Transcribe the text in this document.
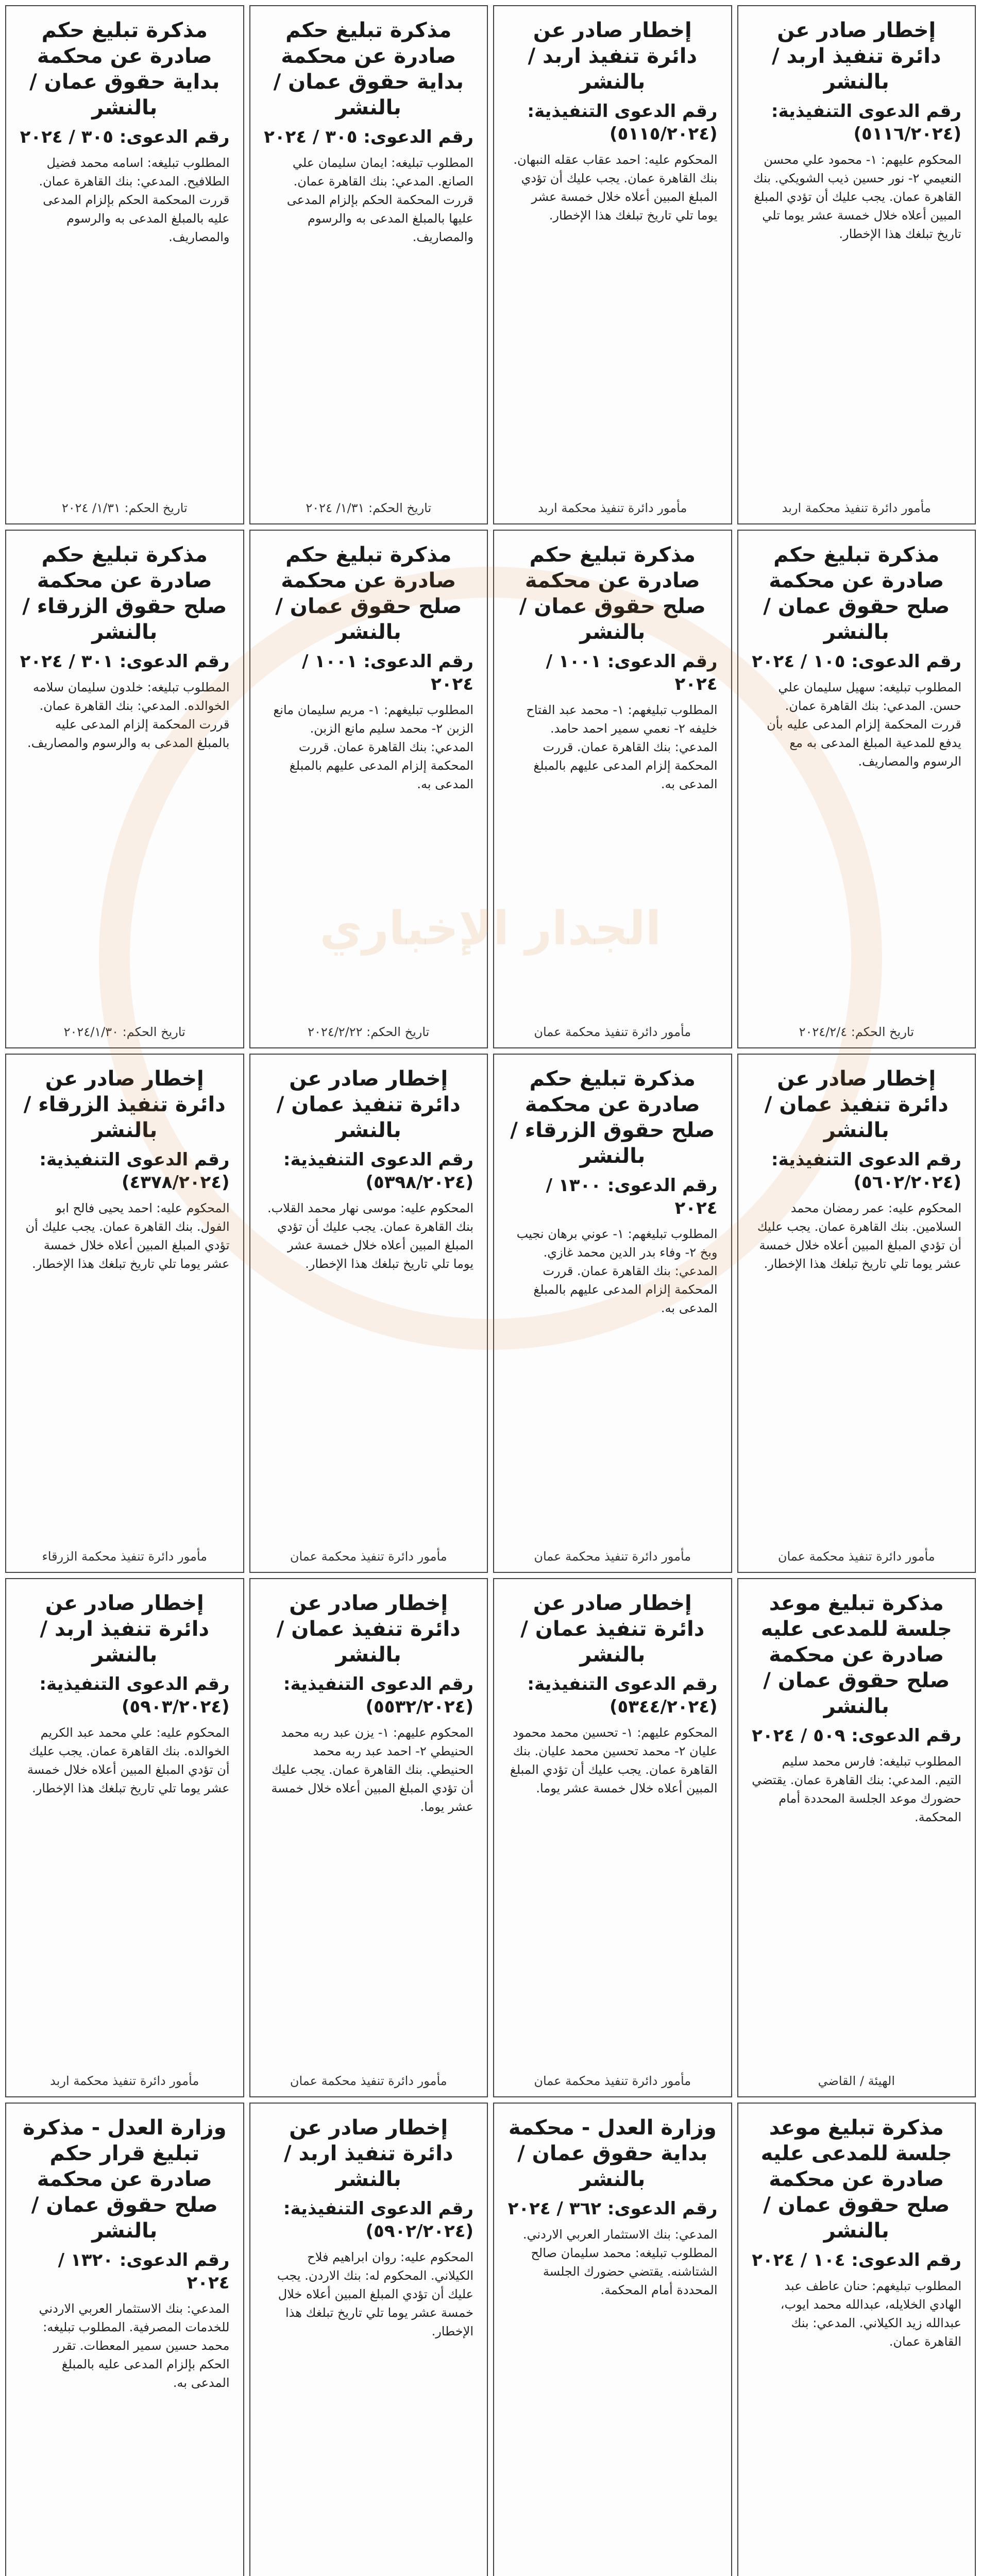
إخطار صادر عن دائرة تنفيذ اربد / بالنشر
رقم الدعوى التنفيذية: (٥١١٦/٢٠٢٤)
المحكوم عليهم: ١- محمود علي محسن النعيمي ٢- نور حسين ذيب الشويكي. بنك القاهرة عمان. يجب عليك أن تؤدي المبلغ المبين أعلاه خلال خمسة عشر يوما تلي تاريخ تبلغك هذا الإخطار.
مأمور دائرة تنفيذ محكمة اربد
إخطار صادر عن دائرة تنفيذ اربد / بالنشر
رقم الدعوى التنفيذية: (٥١١٥/٢٠٢٤)
المحكوم عليه: احمد عقاب عقله النبهان. بنك القاهرة عمان. يجب عليك أن تؤدي المبلغ المبين أعلاه خلال خمسة عشر يوما تلي تاريخ تبلغك هذا الإخطار.
مأمور دائرة تنفيذ محكمة اربد
مذكرة تبليغ حكم صادرة عن محكمة بداية حقوق عمان / بالنشر
رقم الدعوى: ٣٠٥ / ٢٠٢٤
المطلوب تبليغه: ايمان سليمان علي الصانع. المدعي: بنك القاهرة عمان. قررت المحكمة الحكم بإلزام المدعى عليها بالمبلغ المدعى به والرسوم والمصاريف.
تاريخ الحكم: ١/٣١/ ٢٠٢٤
مذكرة تبليغ حكم صادرة عن محكمة بداية حقوق عمان / بالنشر
رقم الدعوى: ٣٠٥ / ٢٠٢٤
المطلوب تبليغه: اسامه محمد فضيل الطلافيح. المدعي: بنك القاهرة عمان. قررت المحكمة الحكم بإلزام المدعى عليه بالمبلغ المدعى به والرسوم والمصاريف.
تاريخ الحكم: ١/٣١/ ٢٠٢٤
مذكرة تبليغ حكم صادرة عن محكمة صلح حقوق عمان / بالنشر
رقم الدعوى: ١٠٥ / ٢٠٢٤
المطلوب تبليغه: سهيل سليمان علي حسن. المدعي: بنك القاهرة عمان. قررت المحكمة إلزام المدعى عليه بأن يدفع للمدعية المبلغ المدعى به مع الرسوم والمصاريف.
تاريخ الحكم: ٢٠٢٤/٢/٤
مذكرة تبليغ حكم صادرة عن محكمة صلح حقوق عمان / بالنشر
رقم الدعوى: ١٠٠١ / ٢٠٢٤
المطلوب تبليغهم: ١- محمد عبد الفتاح خليفه ٢- نعمي سمير احمد حامد. المدعي: بنك القاهرة عمان. قررت المحكمة إلزام المدعى عليهم بالمبلغ المدعى به.
مأمور دائرة تنفيذ محكمة عمان
مذكرة تبليغ حكم صادرة عن محكمة صلح حقوق عمان / بالنشر
رقم الدعوى: ١٠٠١ / ٢٠٢٤
المطلوب تبليغهم: ١- مريم سليمان مانع الزبن ٢- محمد سليم مانع الزبن. المدعي: بنك القاهرة عمان. قررت المحكمة إلزام المدعى عليهم بالمبلغ المدعى به.
تاريخ الحكم: ٢٠٢٤/٢/٢٢
مذكرة تبليغ حكم صادرة عن محكمة صلح حقوق الزرقاء / بالنشر
رقم الدعوى: ٣٠١ / ٢٠٢٤
المطلوب تبليغه: خلدون سليمان سلامه الخوالده. المدعي: بنك القاهرة عمان. قررت المحكمة إلزام المدعى عليه بالمبلغ المدعى به والرسوم والمصاريف.
تاريخ الحكم: ٢٠٢٤/١/٣٠
إخطار صادر عن دائرة تنفيذ عمان / بالنشر
رقم الدعوى التنفيذية: (٥٦٠٢/٢٠٢٤)
المحكوم عليه: عمر رمضان محمد السلامين. بنك القاهرة عمان. يجب عليك أن تؤدي المبلغ المبين أعلاه خلال خمسة عشر يوما تلي تاريخ تبلغك هذا الإخطار.
مأمور دائرة تنفيذ محكمة عمان
مذكرة تبليغ حكم صادرة عن محكمة صلح حقوق الزرقاء / بالنشر
رقم الدعوى: ١٣٠٠ / ٢٠٢٤
المطلوب تبليغهم: ١- عوني برهان نجيب وبخ ٢- وفاء بدر الدين محمد غازي. المدعي: بنك القاهرة عمان. قررت المحكمة إلزام المدعى عليهم بالمبلغ المدعى به.
مأمور دائرة تنفيذ محكمة عمان
إخطار صادر عن دائرة تنفيذ عمان / بالنشر
رقم الدعوى التنفيذية: (٥٣٩٨/٢٠٢٤)
المحكوم عليه: موسى نهار محمد القلاب. بنك القاهرة عمان. يجب عليك أن تؤدي المبلغ المبين أعلاه خلال خمسة عشر يوما تلي تاريخ تبلغك هذا الإخطار.
مأمور دائرة تنفيذ محكمة عمان
إخطار صادر عن دائرة تنفيذ الزرقاء / بالنشر
رقم الدعوى التنفيذية: (٤٣٧٨/٢٠٢٤)
المحكوم عليه: احمد يحيى فالح ابو الفول. بنك القاهرة عمان. يجب عليك أن تؤدي المبلغ المبين أعلاه خلال خمسة عشر يوما تلي تاريخ تبلغك هذا الإخطار.
مأمور دائرة تنفيذ محكمة الزرقاء
مذكرة تبليغ موعد جلسة للمدعى عليه صادرة عن محكمة صلح حقوق عمان / بالنشر
رقم الدعوى: ٥٠٩ / ٢٠٢٤
المطلوب تبليغه: فارس محمد سليم التيم. المدعي: بنك القاهرة عمان. يقتضي حضورك موعد الجلسة المحددة أمام المحكمة.
الهيئة / القاضي
إخطار صادر عن دائرة تنفيذ عمان / بالنشر
رقم الدعوى التنفيذية: (٥٣٤٤/٢٠٢٤)
المحكوم عليهم: ١- تحسين محمد محمود عليان ٢- محمد تحسين محمد عليان. بنك القاهرة عمان. يجب عليك أن تؤدي المبلغ المبين أعلاه خلال خمسة عشر يوما.
مأمور دائرة تنفيذ محكمة عمان
إخطار صادر عن دائرة تنفيذ عمان / بالنشر
رقم الدعوى التنفيذية: (٥٥٣٢/٢٠٢٤)
المحكوم عليهم: ١- يزن عبد ربه محمد الحنيطي ٢- احمد عبد ربه محمد الحنيطي. بنك القاهرة عمان. يجب عليك أن تؤدي المبلغ المبين أعلاه خلال خمسة عشر يوما.
مأمور دائرة تنفيذ محكمة عمان
إخطار صادر عن دائرة تنفيذ اربد / بالنشر
رقم الدعوى التنفيذية: (٥٩٠٣/٢٠٢٤)
المحكوم عليه: علي محمد عبد الكريم الخوالده. بنك القاهرة عمان. يجب عليك أن تؤدي المبلغ المبين أعلاه خلال خمسة عشر يوما تلي تاريخ تبلغك هذا الإخطار.
مأمور دائرة تنفيذ محكمة اربد
مذكرة تبليغ موعد جلسة للمدعى عليه صادرة عن محكمة صلح حقوق عمان / بالنشر
رقم الدعوى: ١٠٤ / ٢٠٢٤
المطلوب تبليغهم: حنان عاطف عبد الهادي الخلايله، عبدالله محمد ايوب، عبدالله زيد الكيلاني. المدعي: بنك القاهرة عمان.
وزارة العدل - محكمة بداية حقوق عمان / بالنشر
رقم الدعوى: ٣٦٢ / ٢٠٢٤
المدعي: بنك الاستثمار العربي الاردني. المطلوب تبليغه: محمد سليمان صالح الشتاشنه. يقتضي حضورك الجلسة المحددة أمام المحكمة.
إخطار صادر عن دائرة تنفيذ اربد / بالنشر
رقم الدعوى التنفيذية: (٥٩٠٢/٢٠٢٤)
المحكوم عليه: روان ابراهيم فلاح الكيلاني. المحكوم له: بنك الاردن. يجب عليك أن تؤدي المبلغ المبين أعلاه خلال خمسة عشر يوما تلي تاريخ تبلغك هذا الإخطار.
وزارة العدل - مذكرة تبليغ قرار حكم صادرة عن محكمة صلح حقوق عمان / بالنشر
رقم الدعوى: ١٣٢٠ / ٢٠٢٤
المدعي: بنك الاستثمار العربي الاردني للخدمات المصرفية. المطلوب تبليغه: محمد حسين سمير المعطات. تقرر الحكم بإلزام المدعى عليه بالمبلغ المدعى به.
الجدار الإخباري
